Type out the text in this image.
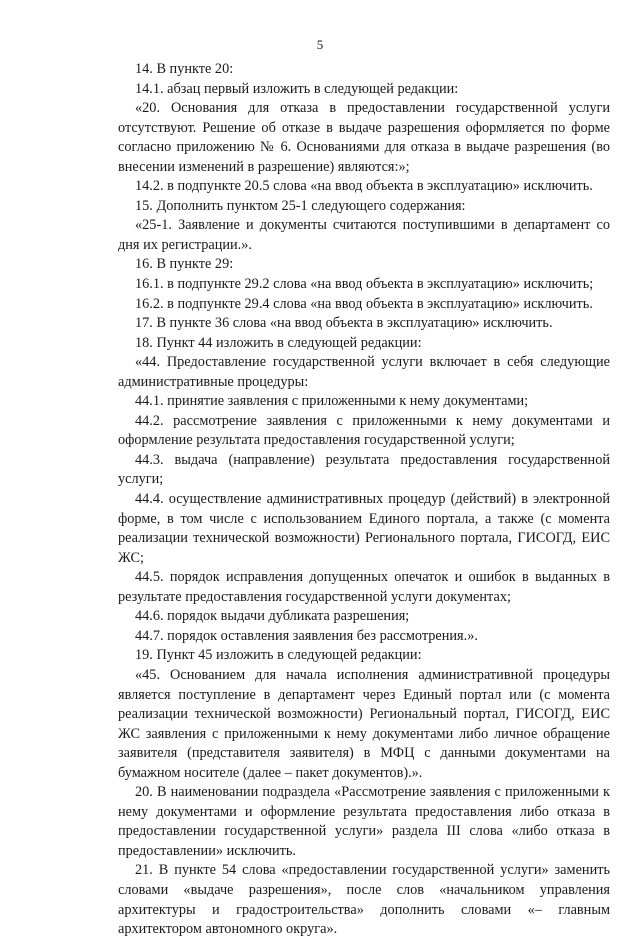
5

14. В пункте 20:

14.1. абзац первый изложить в следующей редакции:

«20. Основания для отказа в предоставлении государственной услуги отсутствуют. Решение об отказе в выдаче разрешения оформляется по форме согласно приложению № 6. Основаниями для отказа в выдаче разрешения (во внесении изменений в разрешение) являются:»;

14.2. в подпункте 20.5 слова «на ввод объекта в эксплуатацию» исключить.

15. Дополнить пунктом 25-1 следующего содержания:

«25-1. Заявление и документы считаются поступившими в департамент со дня их регистрации.».

16. В пункте 29:

16.1. в подпункте 29.2 слова «на ввод объекта в эксплуатацию» исключить;

16.2. в подпункте 29.4 слова «на ввод объекта в эксплуатацию» исключить.

17. В пункте 36 слова «на ввод объекта в эксплуатацию» исключить.

18. Пункт 44 изложить в следующей редакции:

«44. Предоставление государственной услуги включает в себя следующие административные процедуры:

44.1. принятие заявления с приложенными к нему документами;

44.2. рассмотрение заявления с приложенными к нему документами и оформление результата предоставления государственной услуги;

44.3. выдача (направление) результата предоставления государственной услуги;

44.4. осуществление административных процедур (действий) в электронной форме, в том числе с использованием Единого портала, а также (с момента реализации технической возможности) Регионального портала, ГИСОГД, ЕИС ЖС;

44.5. порядок исправления допущенных опечаток и ошибок в выданных в результате предоставления государственной услуги документах;

44.6. порядок выдачи дубликата разрешения;

44.7. порядок оставления заявления без рассмотрения.».

19. Пункт 45 изложить в следующей редакции:

«45. Основанием для начала исполнения административной процедуры является поступление в департамент через Единый портал или (с момента реализации технической возможности) Региональный портал, ГИСОГД, ЕИС ЖС заявления с приложенными к нему документами либо личное обращение заявителя (представителя заявителя) в МФЦ с данными документами на бумажном носителе (далее – пакет документов).».

20. В наименовании подраздела «Рассмотрение заявления с приложенными к нему документами и оформление результата предоставления либо отказа в предоставлении государственной услуги» раздела III слова «либо отказа в предоставлении» исключить.

21. В пункте 54 слова «предоставлении государственной услуги» заменить словами «выдаче разрешения», после слов «начальником управления архитектуры и градостроительства» дополнить словами «– главным архитектором автономного округа».
